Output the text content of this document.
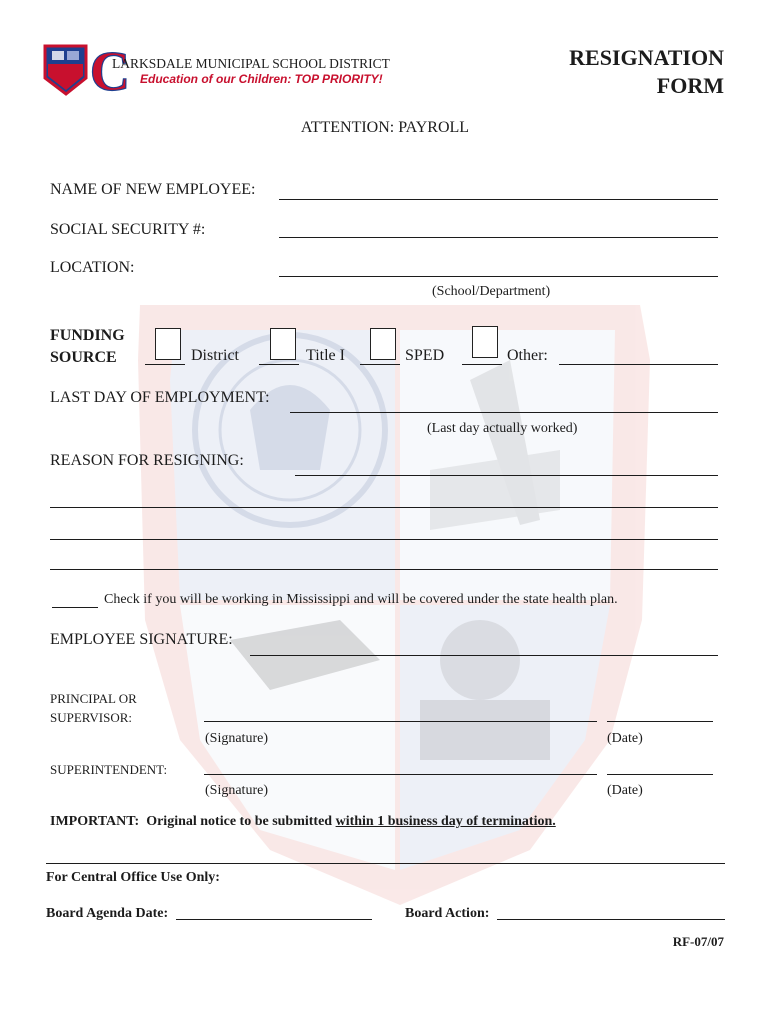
C
LARKSDALE MUNICIPAL SCHOOL DISTRICT
Education of our Children: TOP PRIORITY!
RESIGNATION
FORM
ATTENTION: PAYROLL
NAME OF NEW EMPLOYEE:
SOCIAL SECURITY #:
LOCATION:
(School/Department)
FUNDING
SOURCE	District	Title I	SPED	Other:
LAST DAY OF EMPLOYMENT:
(Last day actually worked)
REASON FOR RESIGNING:
Check if you will be working in Mississippi and will be covered under the state health plan.
EMPLOYEE SIGNATURE:
PRINCIPAL OR
SUPERVISOR:
(Signature)	(Date)
SUPERINTENDENT:
(Signature)	(Date)
IMPORTANT:  Original notice to be submitted within 1 business day of termination.
For Central Office Use Only:
Board Agenda Date:	Board Action:
RF-07/07
